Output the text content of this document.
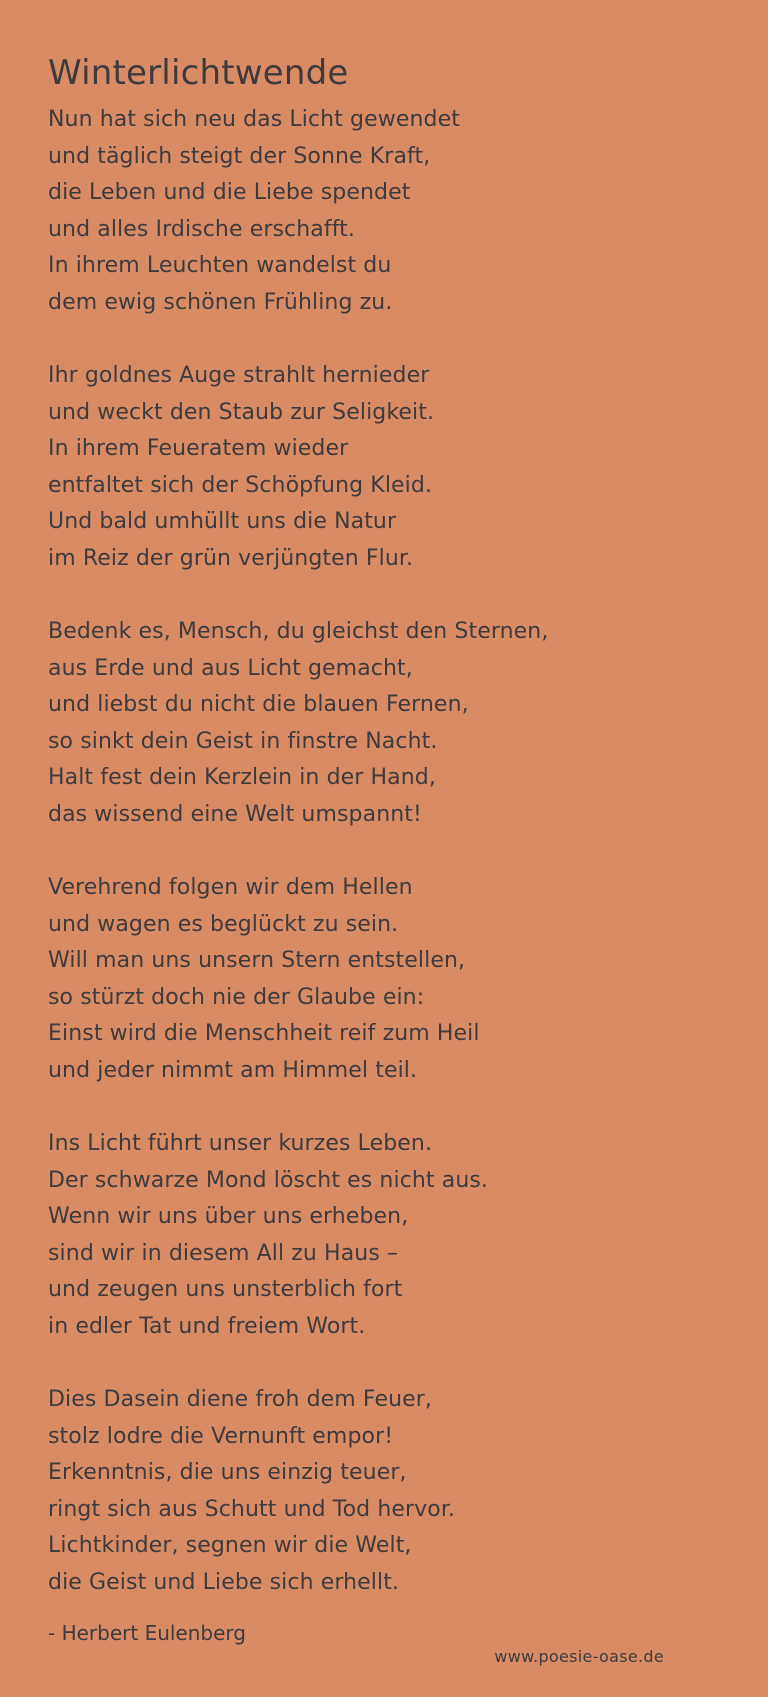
Winterlichtwende
Nun hat sich neu das Licht gewendet
und täglich steigt der Sonne Kraft,
die Leben und die Liebe spendet
und alles Irdische erschafft.
In ihrem Leuchten wandelst du
dem ewig schönen Frühling zu.
Ihr goldnes Auge strahlt hernieder
und weckt den Staub zur Seligkeit.
In ihrem Feueratem wieder
entfaltet sich der Schöpfung Kleid.
Und bald umhüllt uns die Natur
im Reiz der grün verjüngten Flur.
Bedenk es, Mensch, du gleichst den Sternen,
aus Erde und aus Licht gemacht,
und liebst du nicht die blauen Fernen,
so sinkt dein Geist in finstre Nacht.
Halt fest dein Kerzlein in der Hand,
das wissend eine Welt umspannt!
Verehrend folgen wir dem Hellen
und wagen es beglückt zu sein.
Will man uns unsern Stern entstellen,
so stürzt doch nie der Glaube ein:
Einst wird die Menschheit reif zum Heil
und jeder nimmt am Himmel teil.
Ins Licht führt unser kurzes Leben.
Der schwarze Mond löscht es nicht aus.
Wenn wir uns über uns erheben,
sind wir in diesem All zu Haus –
und zeugen uns unsterblich fort
in edler Tat und freiem Wort.
Dies Dasein diene froh dem Feuer,
stolz lodre die Vernunft empor!
Erkenntnis, die uns einzig teuer,
ringt sich aus Schutt und Tod hervor.
Lichtkinder, segnen wir die Welt,
die Geist und Liebe sich erhellt.
- Herbert Eulenberg
www.poesie-oase.de
